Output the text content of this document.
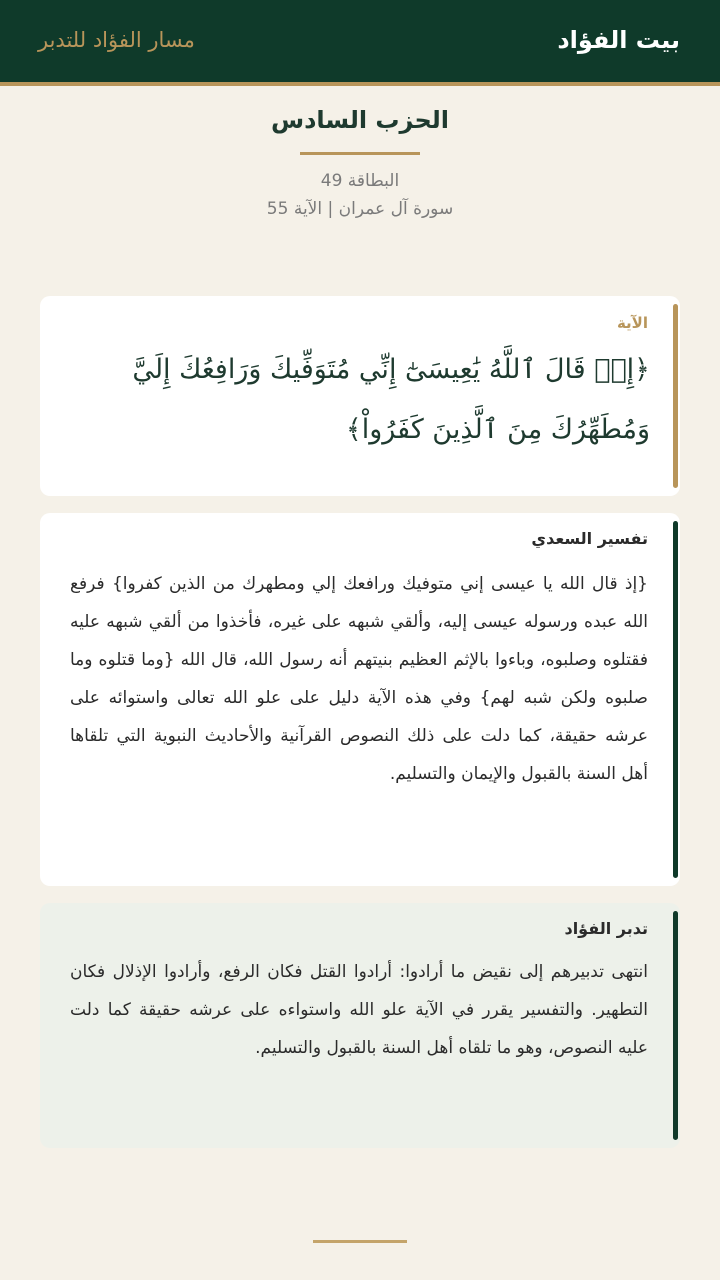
بيت الفؤاد
مسار الفؤاد للتدبر
الحزب السادس
البطاقة 49
سورة آل عمران | الآية 55
الآية
﴿إِذۡ قَالَ ٱللَّهُ يَٰعِيسَىٰٓ إِنِّي مُتَوَفِّيكَ وَرَافِعُكَ إِلَيَّ وَمُطَهِّرُكَ مِنَ ٱلَّذِينَ كَفَرُواْ﴾
تفسير السعدي
{إذ قال الله يا عيسى إني متوفيك ورافعك إلي ومطهرك من الذين كفروا} فرفع الله عبده ورسوله عيسى إليه، وألقي شبهه على غيره، فأخذوا من ألقي شبهه عليه فقتلوه وصلبوه، وباءوا بالإثم العظيم بنيتهم أنه رسول الله، قال الله {وما قتلوه وما صلبوه ولكن شبه لهم} وفي هذه الآية دليل على علو الله تعالى واستوائه على عرشه حقيقة، كما دلت على ذلك النصوص القرآنية والأحاديث النبوية التي تلقاها أهل السنة بالقبول والإيمان والتسليم.
تدبر الفؤاد
انتهى تدبيرهم إلى نقيض ما أرادوا: أرادوا القتل فكان الرفع، وأرادوا الإذلال فكان التطهير. والتفسير يقرر في الآية علو الله واستواءه على عرشه حقيقة كما دلت عليه النصوص، وهو ما تلقاه أهل السنة بالقبول والتسليم.
